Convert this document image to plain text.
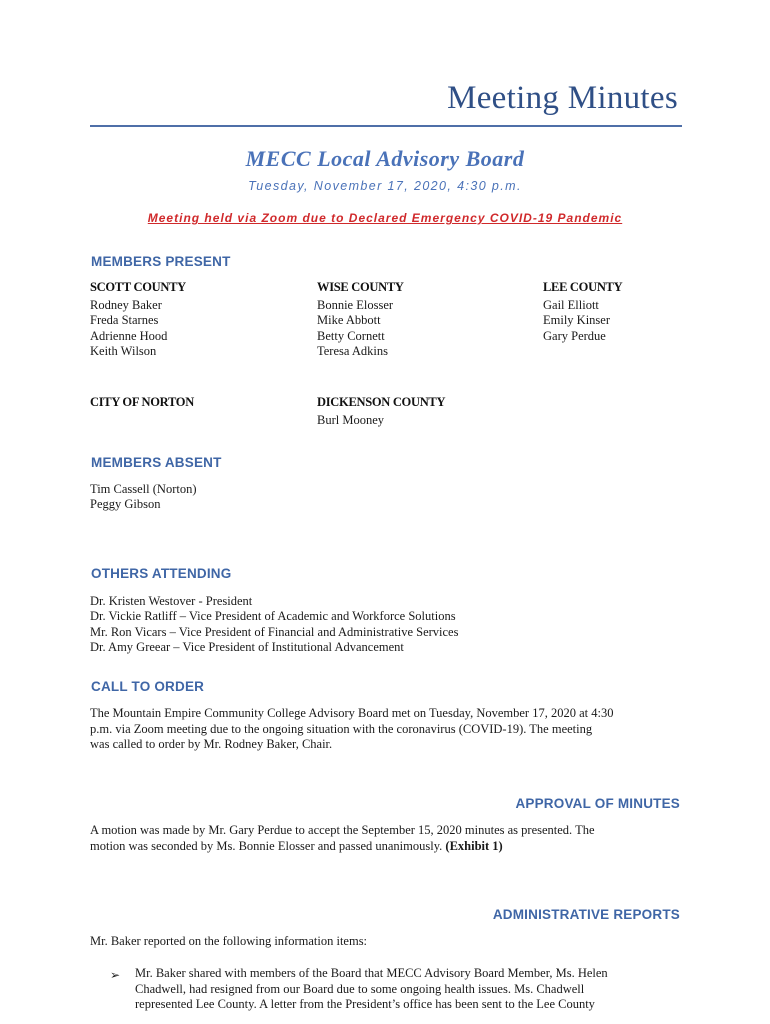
Meeting Minutes
MECC Local Advisory Board
Tuesday, November 17, 2020, 4:30 p.m.
Meeting held via Zoom due to Declared Emergency COVID-19 Pandemic
MEMBERS PRESENT
SCOTT COUNTY
Rodney Baker
Freda Starnes
Adrienne Hood
Keith Wilson
WISE COUNTY
Bonnie Elosser
Mike Abbott
Betty Cornett
Teresa Adkins
LEE COUNTY
Gail Elliott
Emily Kinser
Gary Perdue
CITY OF NORTON	DICKENSON COUNTY
Burl Mooney
MEMBERS ABSENT
Tim Cassell (Norton)
Peggy Gibson
OTHERS ATTENDING
Dr. Kristen Westover - President
Dr. Vickie Ratliff – Vice President of Academic and Workforce Solutions
Mr. Ron Vicars – Vice President of Financial and Administrative Services
Dr. Amy Greear – Vice President of Institutional Advancement
CALL TO ORDER
The Mountain Empire Community College Advisory Board met on Tuesday, November 17, 2020 at 4:30
p.m. via Zoom meeting due to the ongoing situation with the coronavirus (COVID-19). The meeting
was called to order by Mr. Rodney Baker, Chair.
APPROVAL OF MINUTES
A motion was made by Mr. Gary Perdue to accept the September 15, 2020 minutes as presented. The
motion was seconded by Ms. Bonnie Elosser and passed unanimously. (Exhibit 1)
ADMINISTRATIVE REPORTS
Mr. Baker reported on the following information items:
➢ Mr. Baker shared with members of the Board that MECC Advisory Board Member, Ms. Helen
Chadwell, had resigned from our Board due to some ongoing health issues. Ms. Chadwell
represented Lee County. A letter from the President’s office has been sent to the Lee County
